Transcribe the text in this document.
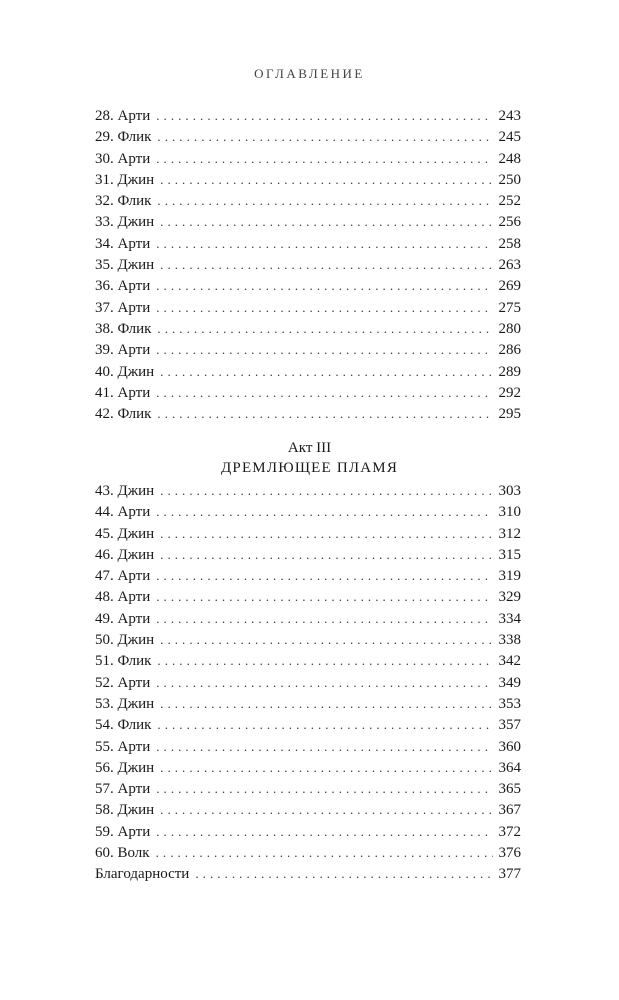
ОГЛАВЛЕНИЕ
28. Арти . . .	243
29. Флик . . .	245
30. Арти . . .	248
31. Джин . . .	250
32. Флик . . .	252
33. Джин . . .	256
34. Арти . . .	258
35. Джин . . .	263
36. Арти . . .	269
37. Арти . . .	275
38. Флик . . .	280
39. Арти . . .	286
40. Джин . . .	289
41. Арти . . .	292
42. Флик . . .	295
Акт III
ДРЕМЛЮЩЕЕ ПЛАМЯ
43. Джин . . .	303
44. Арти . . .	310
45. Джин . . .	312
46. Джин . . .	315
47. Арти . . .	319
48. Арти . . .	329
49. Арти . . .	334
50. Джин . . .	338
51. Флик . . .	342
52. Арти . . .	349
53. Джин . . .	353
54. Флик . . .	357
55. Арти . . .	360
56. Джин . . .	364
57. Арти . . .	365
58. Джин . . .	367
59. Арти . . .	372
60. Волк . . .	376
Благодарности . . .	377
